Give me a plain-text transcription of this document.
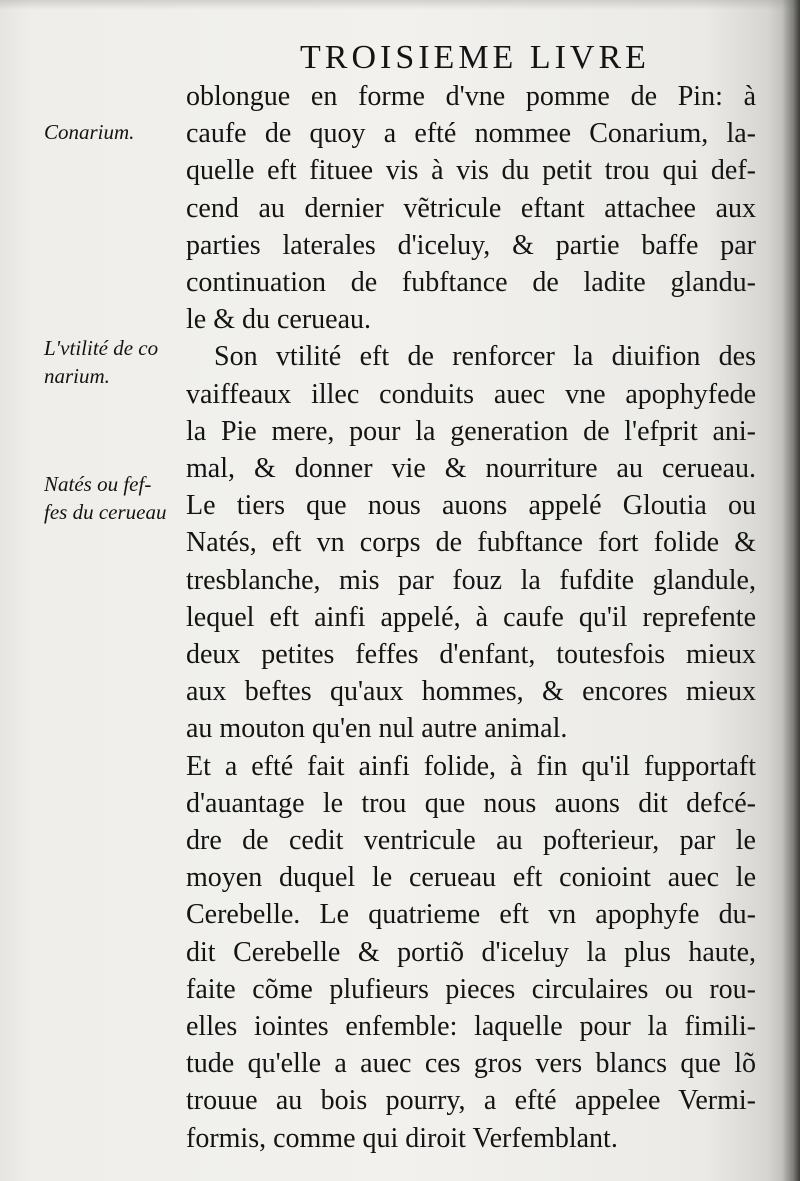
TROISIEME LIVRE
Conarium.
L'vtilité de co
narium.
Natés ou fef-
fes du cerueau
oblongue en forme d'vne pomme de Pin: à
caufe de quoy a efté nommee Conarium, la-
quelle eft fituee vis à vis du petit trou qui def-
cend au dernier vẽtricule eftant attachee aux
parties laterales d'iceluy, & partie baffe par
continuation de fubftance de ladite glandu-
le & du cerueau.
Son vtilité eft de renforcer la diuifion des
vaiffeaux illec conduits auec vne apophyfede
la Pie mere, pour la generation de l'efprit ani-
mal, & donner vie & nourriture au cerueau.
Le tiers que nous auons appelé Gloutia ou
Natés, eft vn corps de fubftance fort folide &
tresblanche, mis par fouz la fufdite glandule,
lequel eft ainfi appelé, à caufe qu'il reprefente
deux petites feffes d'enfant, toutesfois mieux
aux beftes qu'aux hommes, & encores mieux
au mouton qu'en nul autre animal.
Et a efté fait ainfi folide, à fin qu'il fupportaft
d'auantage le trou que nous auons dit defcé-
dre de cedit ventricule au pofterieur, par le
moyen duquel le cerueau eft conioint auec le
Cerebelle. Le quatrieme eft vn apophyfe du-
dit Cerebelle & portiõ d'iceluy la plus haute,
faite cõme plufieurs pieces circulaires ou rou-
elles iointes enfemble: laquelle pour la fimili-
tude qu'elle a auec ces gros vers blancs que lõ
trouue au bois pourry, a efté appelee Vermi-
formis, comme qui diroit Verfemblant.
